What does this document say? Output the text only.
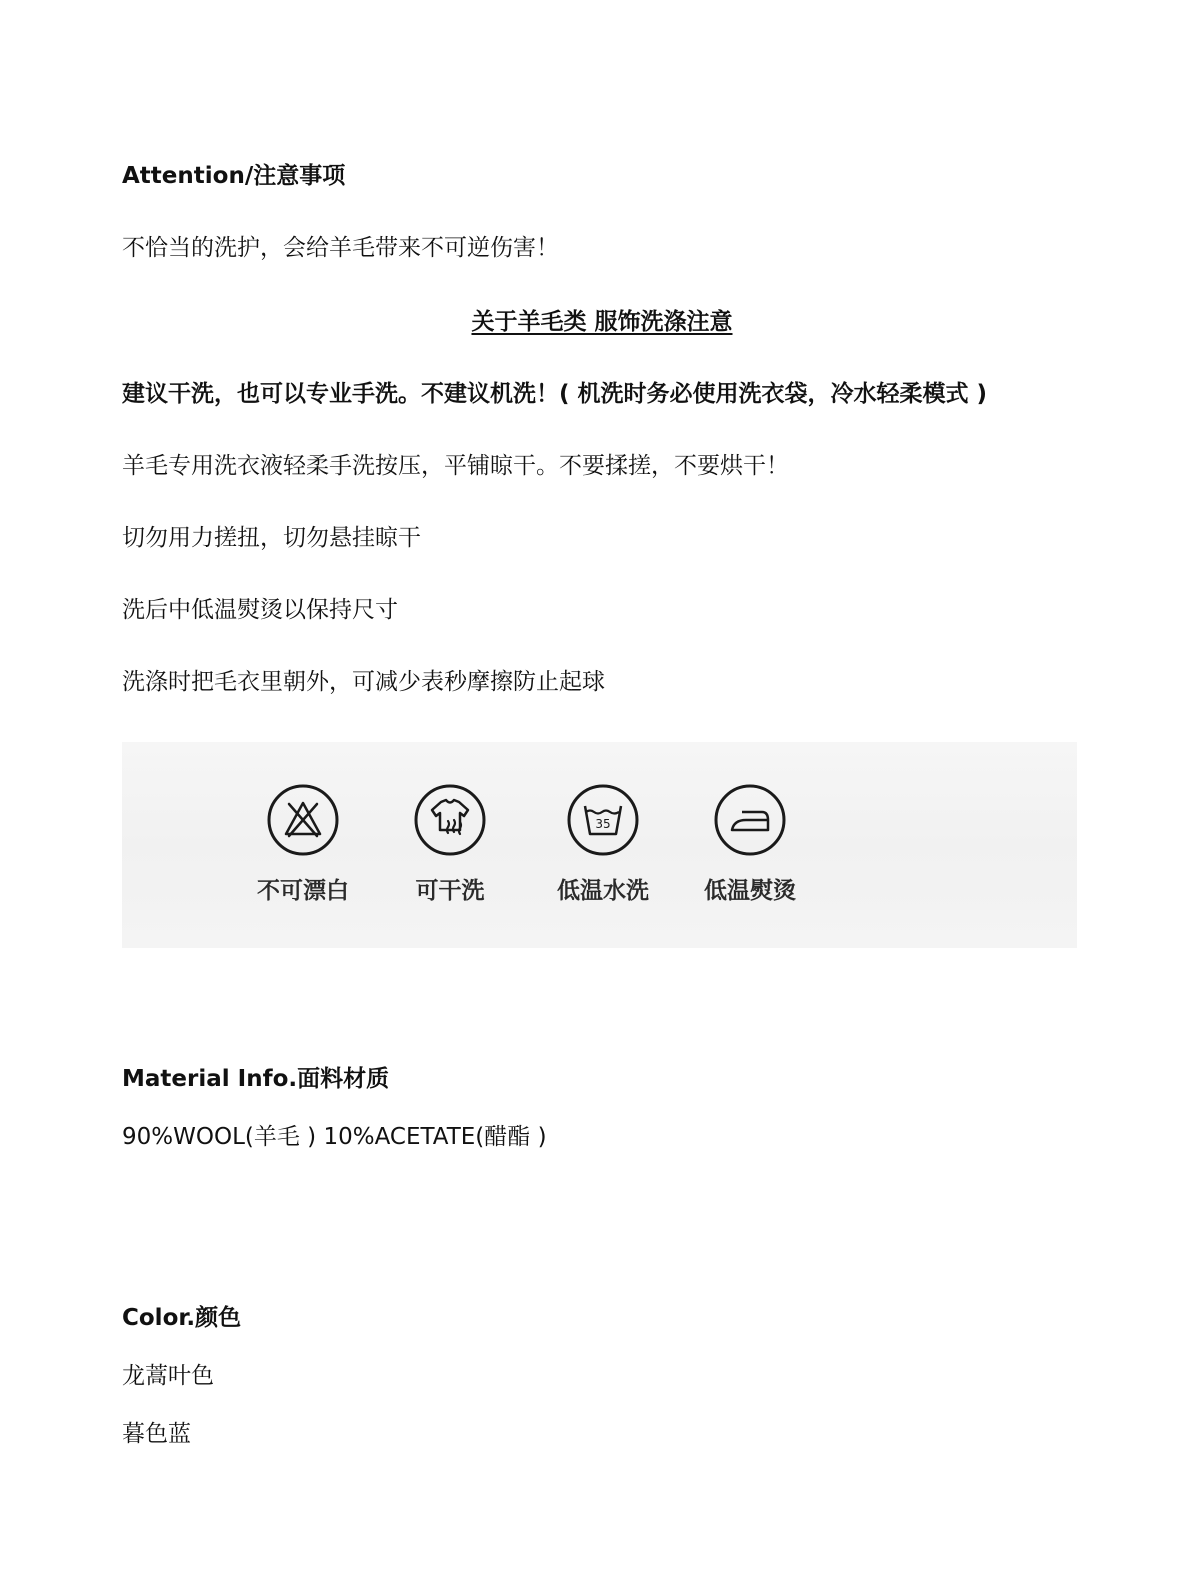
Attention/注意事项
不恰当的洗护，会给羊毛带来不可逆伤害！
关于羊毛类 服饰洗涤注意
建议干洗，也可以专业手洗。不建议机洗！( 机洗时务必使用洗衣袋，冷水轻柔模式 )
羊毛专用洗衣液轻柔手洗按压，平铺晾干。不要揉搓，不要烘干！
切勿用力搓扭，切勿悬挂晾干
洗后中低温熨烫以保持尺寸
洗涤时把毛衣里朝外，可减少表秒摩擦防止起球
不可漂白	可干洗
35
低温水洗	低温熨烫
Material Info.面料材质
90%WOOL(羊毛 ) 10%ACETATE(醋酯 )
Color.颜色
龙蒿叶色
暮色蓝
